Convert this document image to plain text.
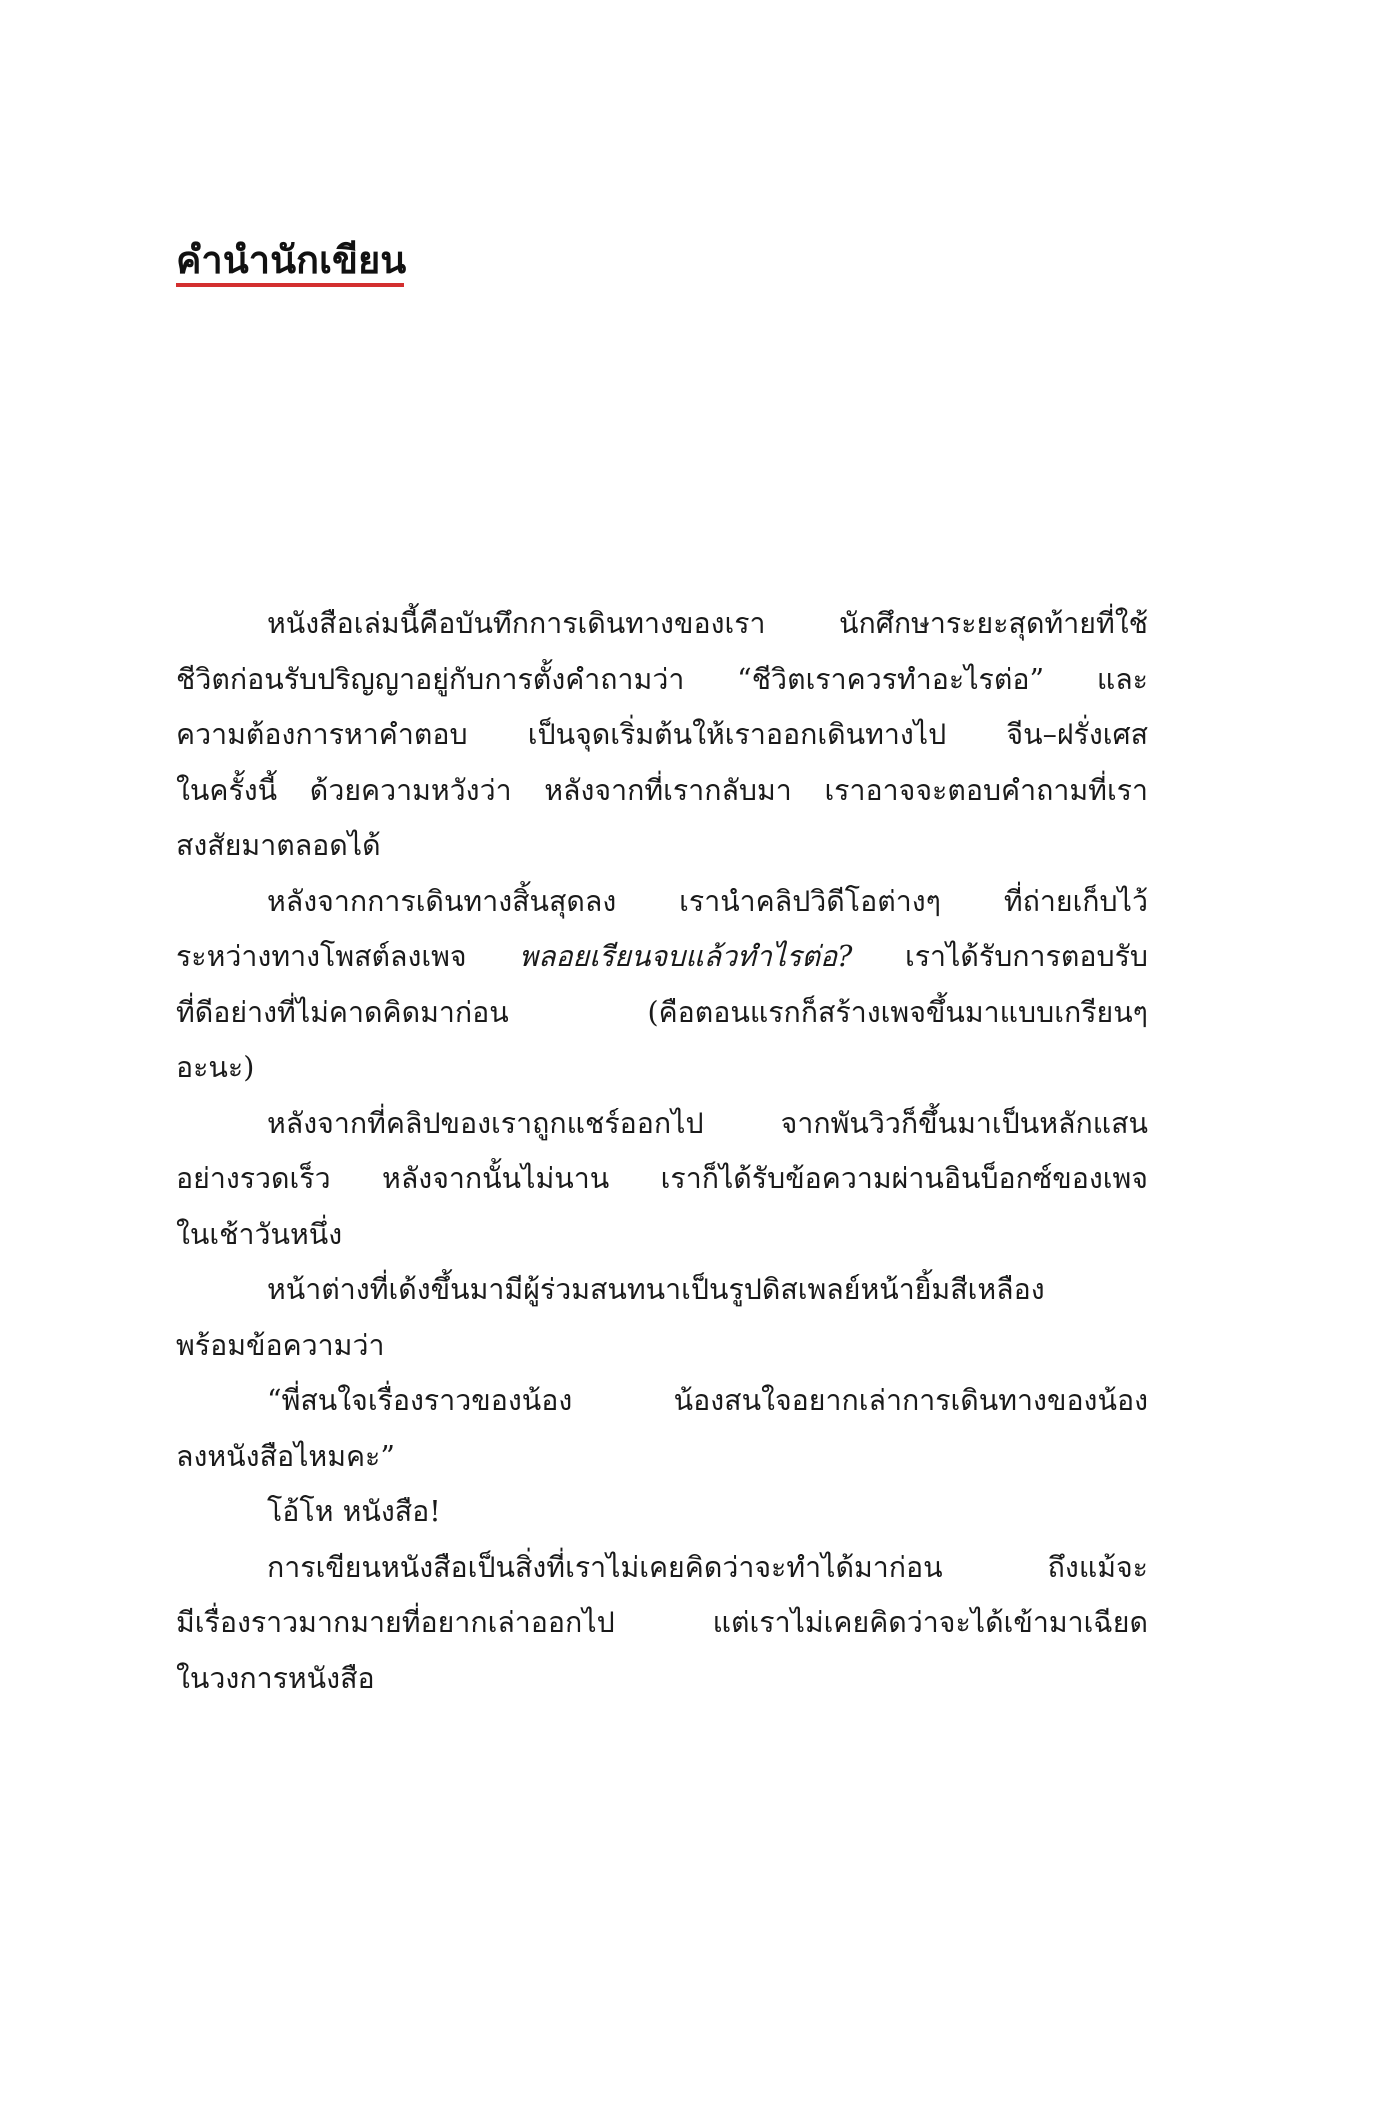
คำนำนักเขียน
หนังสือเล่มนี้คือบันทึกการเดินทางของเรา นักศึกษาระยะสุดท้ายที่ใช้
ชีวิตก่อนรับปริญญาอยู่กับการตั้งคำถามว่า “ชีวิตเราควรทำอะไรต่อ” และ
ความต้องการหาคำตอบ เป็นจุดเริ่มต้นให้เราออกเดินทางไป จีน–ฝรั่งเศส
ในครั้งนี้ ด้วยความหวังว่า หลังจากที่เรากลับมา เราอาจจะตอบคำถามที่เรา
สงสัยมาตลอดได้
หลังจากการเดินทางสิ้นสุดลง เรานำคลิปวิดีโอต่างๆ ที่ถ่ายเก็บไว้
ระหว่างทางโพสต์ลงเพจ พลอยเรียนจบแล้วทำไรต่อ? เราได้รับการตอบรับ
ที่ดีอย่างที่ไม่คาดคิดมาก่อน (คือตอนแรกก็สร้างเพจขึ้นมาแบบเกรียนๆ
อะนะ)
หลังจากที่คลิปของเราถูกแชร์ออกไป จากพันวิวก็ขึ้นมาเป็นหลักแสน
อย่างรวดเร็ว หลังจากนั้นไม่นาน เราก็ได้รับข้อความผ่านอินบ็อกซ์ของเพจ
ในเช้าวันหนึ่ง
หน้าต่างที่เด้งขึ้นมามีผู้ร่วมสนทนาเป็นรูปดิสเพลย์หน้ายิ้มสีเหลือง
พร้อมข้อความว่า
“พี่สนใจเรื่องราวของน้อง น้องสนใจอยากเล่าการเดินทางของน้อง
ลงหนังสือไหมคะ”
โอ้โห หนังสือ!
การเขียนหนังสือเป็นสิ่งที่เราไม่เคยคิดว่าจะทำได้มาก่อน ถึงแม้จะ
มีเรื่องราวมากมายที่อยากเล่าออกไป แต่เราไม่เคยคิดว่าจะได้เข้ามาเฉียด
ในวงการหนังสือ
